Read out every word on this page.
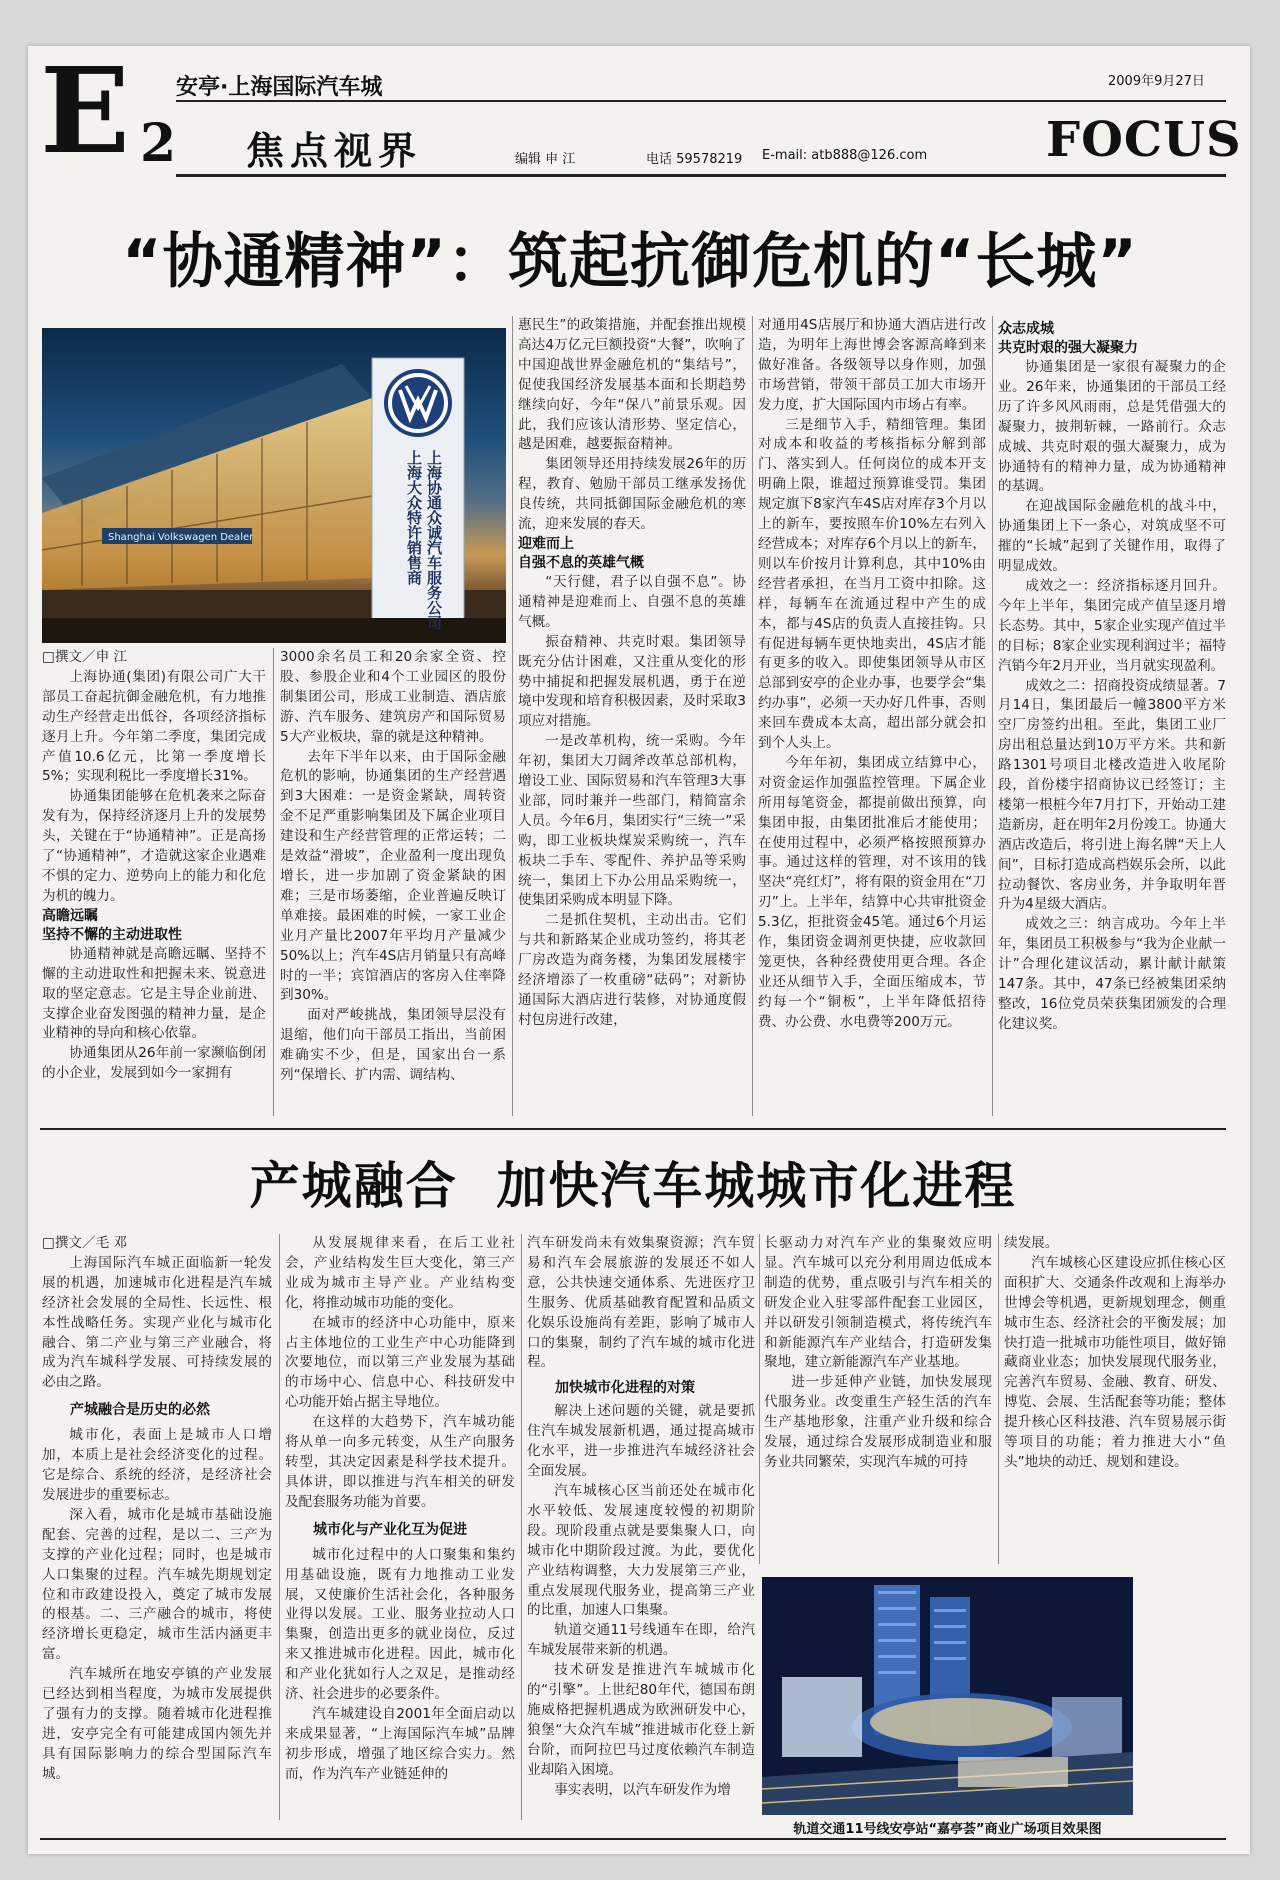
E 2
安亭·上海国际汽车城	2009年9月27日
焦点视界	编辑 申 江	电话 59578219 E-mail: atb888@126.com FOCUS
“协通精神”：筑起抗御危机的“长城”
Shanghai Volkswagen Dealer	上海协通众诚汽车服务公司 上海大众特许销售商

□撰文／申 江

上海协通(集团)有限公司广大干部员工奋起抗御金融危机，有力地推动生产经营走出低谷，各项经济指标逐月上升。今年第二季度，集团完成产值10.6亿元，比第一季度增长5%；实现利税比一季度增长31%。

协通集团能够在危机袭来之际奋发有为，保持经济逐月上升的发展势头，关键在于“协通精神”。正是高扬了“协通精神”，才造就这家企业遇难不惧的定力、逆势向上的能力和化危为机的魄力。

高瞻远瞩

坚持不懈的主动进取性

协通精神就是高瞻远瞩、坚持不懈的主动进取性和把握未来、锐意进取的坚定意志。它是主导企业前进、支撑企业奋发图强的精神力量，是企业精神的导向和核心依靠。

协通集团从26年前一家濒临倒闭的小企业，发展到如今一家拥有

3000余名员工和20余家全资、控股、参股企业和4个工业园区的股份制集团公司，形成工业制造、酒店旅游、汽车服务、建筑房产和国际贸易5大产业板块，靠的就是这种精神。

去年下半年以来，由于国际金融危机的影响，协通集团的生产经营遇到3大困难：一是资金紧缺，周转资金不足严重影响集团及下属企业项目建设和生产经营管理的正常运转；二是效益“滑坡”，企业盈利一度出现负增长，进一步加剧了资金紧缺的困难；三是市场萎缩，企业普遍反映订单难接。最困难的时候，一家工业企业月产量比2007年平均月产量减少50%以上；汽车4S店月销量只有高峰时的一半；宾馆酒店的客房入住率降到30%。

面对严峻挑战，集团领导层没有退缩，他们向干部员工指出，当前困难确实不少，但是，国家出台一系列“保增长、扩内需、调结构、

惠民生”的政策措施，并配套推出规模高达4万亿元巨额投资“大餐”，吹响了中国迎战世界金融危机的“集结号”，促使我国经济发展基本面和长期趋势继续向好，今年“保八”前景乐观。因此，我们应该认清形势、坚定信心，越是困难，越要振奋精神。

集团领导还用持续发展26年的历程，教育、勉励干部员工继承发扬优良传统，共同抵御国际金融危机的寒流，迎来发展的春天。

迎难而上

自强不息的英雄气概

“天行健，君子以自强不息”。协通精神是迎难而上、自强不息的英雄气概。

振奋精神、共克时艰。集团领导既充分估计困难，又注重从变化的形势中捕捉和把握发展机遇，勇于在逆境中发现和培育积极因素，及时采取3项应对措施。

一是改革机构，统一采购。今年年初，集团大刀阔斧改革总部机构，增设工业、国际贸易和汽车管理3大事业部，同时兼并一些部门，精简富余人员。今年6月，集团实行“三统一”采购，即工业板块煤炭采购统一，汽车板块二手车、零配件、养护品等采购统一，集团上下办公用品采购统一，使集团采购成本明显下降。

二是抓住契机，主动出击。它们与共和新路某企业成功签约，将其老厂房改造为商务楼，为集团发展楼宇经济增添了一枚重磅“砝码”；对新协通国际大酒店进行装修，对协通度假村包房进行改建，

对通用4S店展厅和协通大酒店进行改造，为明年上海世博会客源高峰到来做好准备。各级领导以身作则，加强市场营销，带领干部员工加大市场开发力度，扩大国际国内市场占有率。

三是细节入手，精细管理。集团对成本和收益的考核指标分解到部门、落实到人。任何岗位的成本开支明确上限，谁超过预算谁受罚。集团规定旗下8家汽车4S店对库存3个月以上的新车，要按照车价10%左右列入经营成本；对库存6个月以上的新车，则以车价按月计算利息，其中10%由经营者承担，在当月工资中扣除。这样，每辆车在流通过程中产生的成本，都与4S店的负责人直接挂钩。只有促进每辆车更快地卖出，4S店才能有更多的收入。即使集团领导从市区总部到安亭的企业办事，也要学会“集约办事”，必须一天办好几件事，否则来回车费成本太高，超出部分就会扣到个人头上。

今年年初，集团成立结算中心，对资金运作加强监控管理。下属企业所用每笔资金，都提前做出预算，向集团申报，由集团批准后才能使用；在使用过程中，必须严格按照预算办事。通过这样的管理，对不该用的钱坚决“亮红灯”，将有限的资金用在“刀刃”上。上半年，结算中心共审批资金5.3亿，拒批资金45笔。通过6个月运作，集团资金调剂更快捷，应收款回笼更快，各种经费使用更合理。各企业还从细节入手，全面压缩成本，节约每一个“铜板”，上半年降低招待费、办公费、水电费等200万元。

众志成城

共克时艰的强大凝聚力

协通集团是一家很有凝聚力的企业。26年来，协通集团的干部员工经历了许多风风雨雨，总是凭借强大的凝聚力，披荆斩棘，一路前行。众志成城、共克时艰的强大凝聚力，成为协通特有的精神力量，成为协通精神的基调。

在迎战国际金融危机的战斗中，协通集团上下一条心，对筑成坚不可摧的“长城”起到了关键作用，取得了明显成效。

成效之一：经济指标逐月回升。今年上半年，集团完成产值呈逐月增长态势。其中，5家企业实现产值过半的目标；8家企业实现利润过半；福特汽销今年2月开业，当月就实现盈利。

成效之二：招商投资成绩显著。7月14日，集团最后一幢3800平方米空厂房签约出租。至此，集团工业厂房出租总量达到10万平方米。共和新路1301号项目北楼改造进入收尾阶段，首份楼宇招商协议已经签订；主楼第一根桩今年7月打下，开始动工建造新房，赶在明年2月份竣工。协通大酒店改造后，将引进上海名牌“天上人间”，目标打造成高档娱乐会所，以此拉动餐饮、客房业务，并争取明年晋升为4星级大酒店。

成效之三：纳言成功。今年上半年，集团员工积极参与“我为企业献一计”合理化建议活动，累计献计献策147条。其中，47条已经被集团采纳整改，16位党员荣获集团颁发的合理化建议奖。

产城融合  加快汽车城城市化进程

□撰文／毛 邓

上海国际汽车城正面临新一轮发展的机遇，加速城市化进程是汽车城经济社会发展的全局性、长远性、根本性战略任务。实现产业化与城市化融合、第二产业与第三产业融合，将成为汽车城科学发展、可持续发展的必由之路。

产城融合是历史的必然

城市化，表面上是城市人口增加，本质上是社会经济变化的过程。它是综合、系统的经济，是经济社会发展进步的重要标志。

深入看，城市化是城市基础设施配套、完善的过程，是以二、三产为支撑的产业化过程；同时，也是城市人口集聚的过程。汽车城先期规划定位和市政建设投入，奠定了城市发展的根基。二、三产融合的城市，将使经济增长更稳定，城市生活内涵更丰富。

汽车城所在地安亭镇的产业发展已经达到相当程度，为城市发展提供了强有力的支撑。随着城市化进程推进，安亭完全有可能建成国内领先并具有国际影响力的综合型国际汽车城。

从发展规律来看，在后工业社会，产业结构发生巨大变化，第三产业成为城市主导产业。产业结构变化，将推动城市功能的变化。

在城市的经济中心功能中，原来占主体地位的工业生产中心功能降到次要地位，而以第三产业发展为基础的市场中心、信息中心、科技研发中心功能开始占据主导地位。

在这样的大趋势下，汽车城功能将从单一向多元转变，从生产向服务转型，其决定因素是科学技术提升。具体讲，即以推进与汽车相关的研发及配套服务功能为首要。

城市化与产业化互为促进

城市化过程中的人口聚集和集约用基础设施，既有力地推动工业发展，又使廉价生活社会化，各种服务业得以发展。工业、服务业拉动人口集聚，创造出更多的就业岗位，反过来又推进城市化进程。因此，城市化和产业化犹如行人之双足，是推动经济、社会进步的必要条件。

汽车城建设自2001年全面启动以来成果显著，“上海国际汽车城”品牌初步形成，增强了地区综合实力。然而，作为汽车产业链延伸的

汽车研发尚未有效集聚资源；汽车贸易和汽车会展旅游的发展还不如人意，公共快速交通体系、先进医疗卫生服务、优质基础教育配置和品质文化娱乐设施尚有差距，影响了城市人口的集聚，制约了汽车城的城市化进程。

加快城市化进程的对策

解决上述问题的关键，就是要抓住汽车城发展新机遇，通过提高城市化水平，进一步推进汽车城经济社会全面发展。

汽车城核心区当前还处在城市化水平较低、发展速度较慢的初期阶段。现阶段重点就是要集聚人口，向城市化中期阶段过渡。为此，要优化产业结构调整，大力发展第三产业，重点发展现代服务业，提高第三产业的比重，加速人口集聚。

轨道交通11号线通车在即，给汽车城发展带来新的机遇。

技术研发是推进汽车城城市化的“引擎”。上世纪80年代，德国布朗施威格把握机遇成为欧洲研发中心，狼堡“大众汽车城”推进城市化登上新台阶，而阿拉巴马过度依赖汽车制造业却陷入困境。

事实表明，以汽车研发作为增

长驱动力对汽车产业的集聚效应明显。汽车城可以充分利用周边低成本制造的优势，重点吸引与汽车相关的研发企业入驻零部件配套工业园区，并以研发引领制造模式，将传统汽车和新能源汽车产业结合，打造研发集聚地，建立新能源汽车产业基地。

进一步延伸产业链，加快发展现代服务业。改变重生产轻生活的汽车生产基地形象，注重产业升级和综合发展，通过综合发展形成制造业和服务业共同繁荣，实现汽车城的可持

续发展。

汽车城核心区建设应抓住核心区面积扩大、交通条件改观和上海举办世博会等机遇，更新规划理念，侧重城市生态、经济社会的平衡发展；加快打造一批城市功能性项目，做好锦藏商业业态；加快发展现代服务业，完善汽车贸易、金融、教育、研发、博览、会展、生活配套等功能；整体提升核心区科技港、汽车贸易展示街等项目的功能；着力推进大小“鱼头”地块的动迁、规划和建设。

轨道交通11号线安亭站“嘉亭荟”商业广场项目效果图
